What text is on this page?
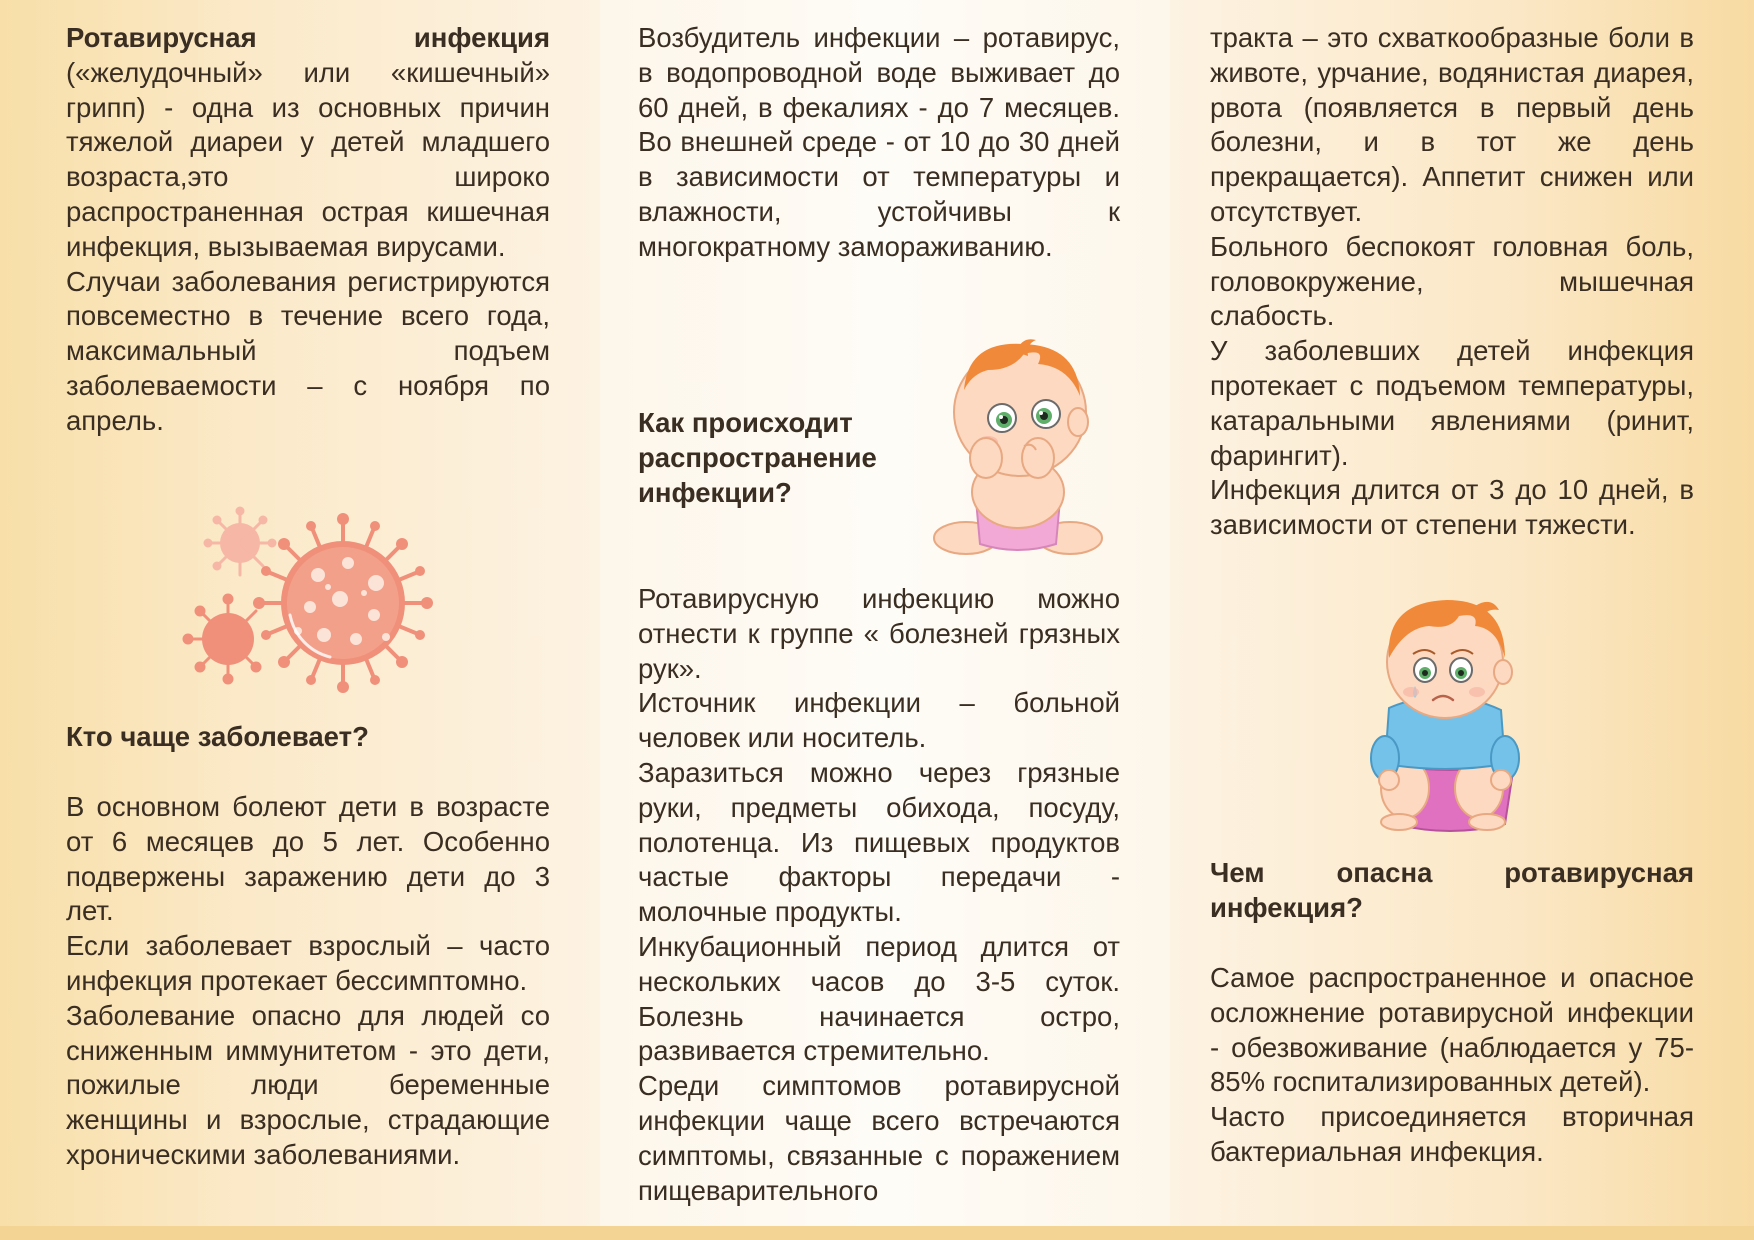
Ротавирусная инфекция («желудочный» или «кишечный» грипп) - одна из основных причин тяжелой диареи у детей младшего возраста,это широко распространенная острая кишечная инфекция, вызываемая вирусами.

Случаи заболевания регистрируются повсеместно в течение всего года, максимальный подъем заболеваемости – с ноября по апрель.

Кто чаще заболевает?

В основном болеют дети в возрасте от 6 месяцев до 5 лет. Особенно подвержены заражению дети до 3 лет.

Если заболевает взрослый – часто инфекция протекает бессимптомно.

Заболевание опасно для людей со сниженным иммунитетом - это дети, пожилые люди беременные женщины и взрослые, страдающие хроническими заболеваниями.

Возбудитель инфекции – ротавирус, в водопроводной воде выживает до 60 дней, в фекалиях - до 7 месяцев. Во внешней среде - от 10 до 30 дней в зависимости от температуры и влажности, устойчивы к многократному замораживанию.

Как происходит распространение инфекции?

Ротавирусную инфекцию можно отнести к группе « болезней грязных рук».

Источник инфекции – больной человек или носитель.

Заразиться можно через грязные руки, предметы обихода, посуду, полотенца. Из пищевых продуктов частые факторы передачи - молочные продукты.

Инкубационный период длится от нескольких часов до 3-5 суток. Болезнь начинается остро, развивается стремительно.

Среди симптомов ротавирусной инфекции чаще всего встречаются симптомы, связанные с поражением пищеварительного

тракта – это схваткообразные боли в животе, урчание, водянистая диарея, рвота (появляется в первый день болезни, и в тот же день прекращается). Аппетит снижен или отсутствует.

Больного беспокоят головная боль, головокружение, мышечная слабость.

У заболевших детей инфекция протекает с подъемом температуры, катаральными явлениями (ринит, фарингит).

Инфекция длится от 3 до 10 дней, в зависимости от степени тяжести.

Чем опасна ротавирусная инфекция?

Самое распространенное и опасное осложнение ротавирусной инфекции - обезвоживание (наблюдается у 75-85% госпитализированных детей).

Часто присоединяется вторичная бактериальная инфекция.
